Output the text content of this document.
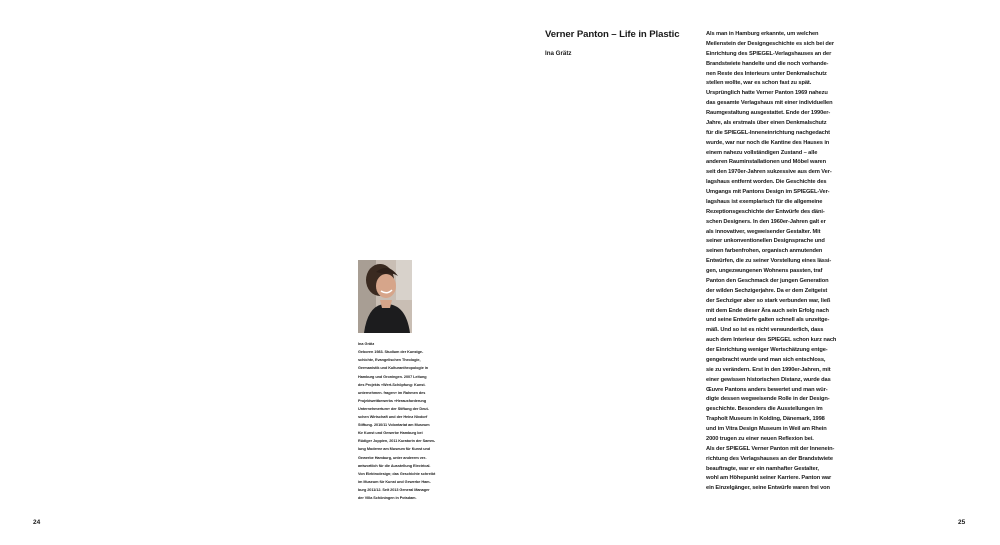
Verner Panton – Life in Plastic
Ina Grätz
Als man in Hamburg erkannte, um welchen
Meilenstein der Designgeschichte es sich bei der
Einrichtung des SPIEGEL-Verlagshauses an der
Brandstwiete handelte und die noch vorhande-
nen Reste des Interieurs unter Denkmalschutz
stellen wollte, war es schon fast zu spät.
Ursprünglich hatte Verner Panton 1969 nahezu
das gesamte Verlagshaus mit einer individuellen
Raumgestaltung ausgestattet. Ende der 1990er-
Jahre, als erstmals über einen Denkmalschutz
für die SPIEGEL-Inneneinrichtung nachgedacht
wurde, war nur noch die Kantine des Hauses in
einem nahezu vollständigen Zustand – alle
anderen Rauminstallationen und Möbel waren
seit den 1970er-Jahren sukzessive aus dem Ver-
lagshaus entfernt worden. Die Geschichte des
Umgangs mit Pantons Design im SPIEGEL-Ver-
lagshaus ist exemplarisch für die allgemeine
Rezeptionsgeschichte der Entwürfe des däni-
schen Designers. In den 1960er-Jahren galt er
als innovativer, wegweisender Gestalter. Mit
seiner unkonventionellen Designsprache und
seinen farbenfrohen, organisch anmutenden
Entwürfen, die zu seiner Vorstellung eines lässi-
gen, ungezwungenen Wohnens passten, traf
Panton den Geschmack der jungen Generation
der wilden Sechzigerjahre. Da er dem Zeitgeist
der Sechziger aber so stark verbunden war, ließ
mit dem Ende dieser Ära auch sein Erfolg nach
und seine Entwürfe galten schnell als unzeitge-
mäß. Und so ist es nicht verwunderlich, dass
auch dem Interieur des SPIEGEL schon kurz nach
der Einrichtung weniger Wertschätzung entge-
gengebracht wurde und man sich entschloss,
sie zu verändern. Erst in den 1990er-Jahren, mit
einer gewissen historischen Distanz, wurde das
Œuvre Pantons anders bewertet und man wür-
digte dessen wegweisende Rolle in der Design-
geschichte. Besonders die Ausstellungen im
Trapholt Museum in Kolding, Dänemark, 1998
und im Vitra Design Museum in Weil am Rhein
2000 trugen zu einer neuen Reflexion bei.
Als der SPIEGEL Verner Panton mit der Innenein-
richtung des Verlagshauses an der Brandstwiete
beauftragte, war er ein namhafter Gestalter,
wohl am Höhepunkt seiner Karriere. Panton war
ein Einzelgänger, seine Entwürfe waren frei von
Ina Grätz
Geboren 1983. Studium der Kunstge-
schichte, Evangelischen Theologie,
Germanistik und Kulturanthropologie in
Hamburg und Groningen. 2007 Leitung
des Projekts »Wert-Schöpfung: Kunst.
unternehmen. fragen« im Rahmen des
Projektwettbewerbs »Herausforderung
Unternehmertum« der Stiftung der Deut-
schen Wirtschaft und der Heinz Nixdorf
Stiftung. 2010/11 Volontariat am Museum
für Kunst und Gewerbe Hamburg bei
Rüdiger Joppien, 2011 Kuratorin der Samm-
lung Moderne am Museum für Kunst und
Gewerbe Hamburg, unter anderem ver-
antwortlich für die Ausstellung Electrical.
Von Elektrodesign; das Geschichte schreibt
im Museum für Kunst und Gewerbe Ham-
burg 2011/12. Seit 2013 General Manager
der Villa Schöningen in Potsdam.
24	25
